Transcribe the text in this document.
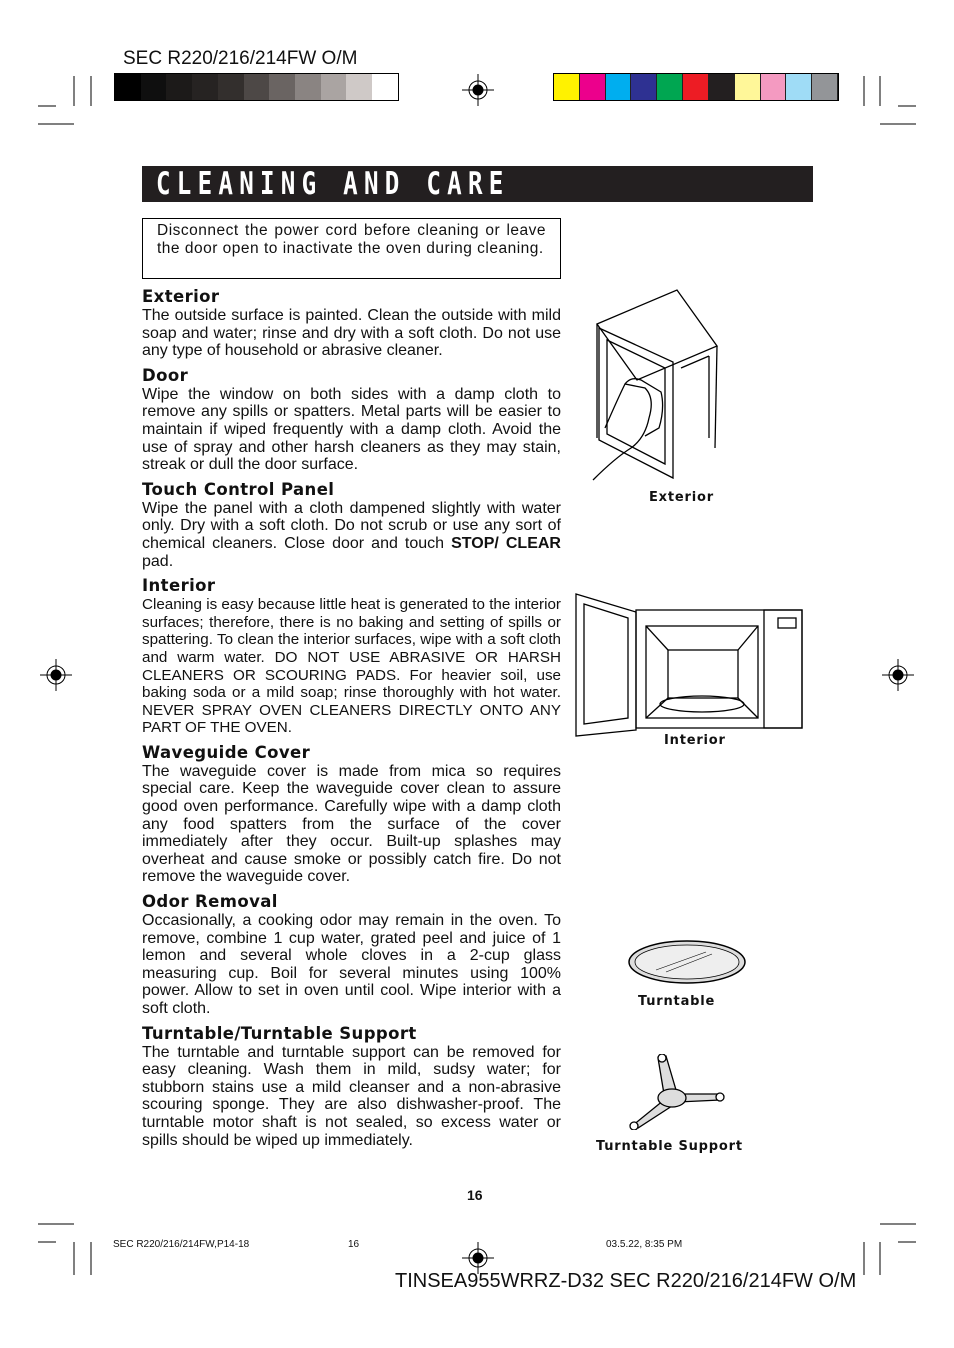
SEC R220/216/214FW O/M
CLEANING AND CARE
Disconnect the power cord before cleaning or leave the door open to inactivate the oven during cleaning.
Exterior

The outside surface is painted. Clean the outside with mild soap and water; rinse and dry with a soft cloth. Do not use any type of household or abrasive cleaner.

Door

Wipe the window on both sides with a damp cloth to remove any spills or spatters. Metal parts will be easier to maintain if wiped frequently with a damp cloth. Avoid the use of spray and other harsh cleaners as they may stain, streak or dull the door surface.

Touch Control Panel

Wipe the panel with a cloth dampened slightly with water only. Dry with a soft cloth. Do not scrub or use any sort of chemical cleaners. Close door and touch STOP/ CLEAR pad.

Interior

Cleaning is easy because little heat is generated to the interior surfaces; therefore, there is no baking and setting of spills or spattering. To clean the interior surfaces, wipe with a soft cloth and warm water. DO NOT USE ABRASIVE OR HARSH CLEANERS OR SCOURING PADS. For heavier soil, use baking soda or a mild soap; rinse thoroughly with hot water. NEVER SPRAY OVEN CLEANERS DIRECTLY ONTO ANY PART OF THE OVEN.

Waveguide Cover

The waveguide cover is made from mica so requires special care. Keep the waveguide cover clean to assure good oven performance. Carefully wipe with a damp cloth any food spatters from the surface of the cover immediately after they occur. Built-up splashes may overheat and cause smoke or possibly catch fire. Do not remove the waveguide cover.

Odor Removal

Occasionally, a cooking odor may remain in the oven. To remove, combine 1 cup water, grated peel and juice of 1 lemon and several whole cloves in a 2-cup glass measuring cup. Boil for several minutes using 100% power. Allow to set in oven until cool. Wipe interior with a soft cloth.

Turntable/Turntable Support

The turntable and turntable support can be removed for easy cleaning. Wash them in mild, sudsy water; for stubborn stains use a mild cleanser and a non-abrasive scouring sponge. They are also dishwasher-proof. The turntable motor shaft is not sealed, so excess water or spills should be wiped up immediately.

Exterior
Interior
Turntable
Turntable Support
16
SEC R220/216/214FW,P14-18	16	03.5.22, 8:35 PM
TINSEA955WRRZ-D32 SEC R220/216/214FW O/M
